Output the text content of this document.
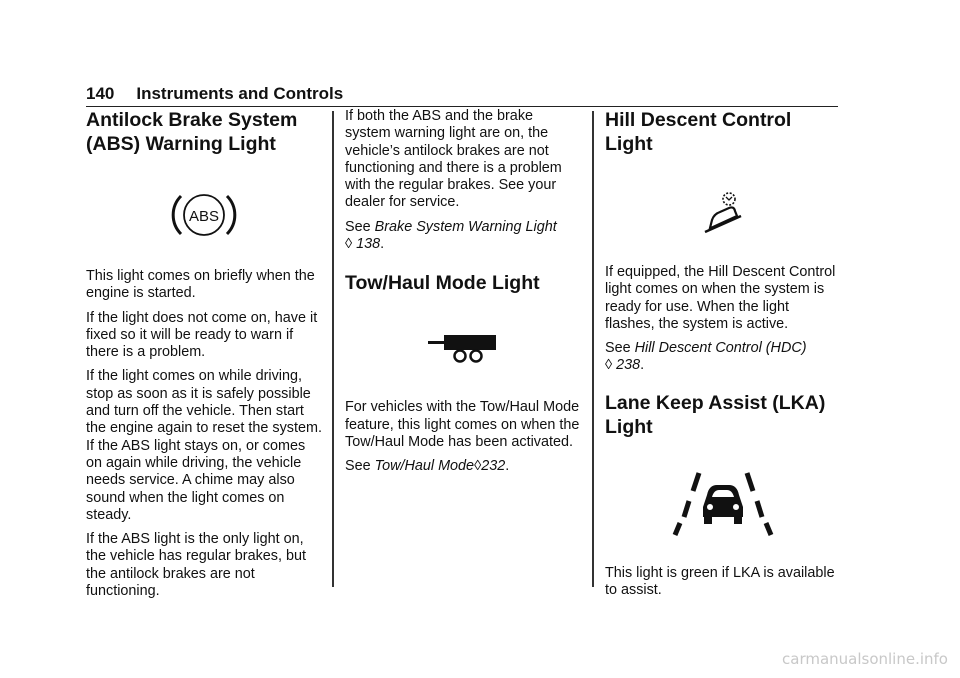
140 Instruments and Controls
Antilock Brake System (ABS) Warning Light
ABS

This light comes on briefly when the engine is started.

If the light does not come on, have it fixed so it will be ready to warn if there is a problem.

If the light comes on while driving, stop as soon as it is safely possible and turn off the vehicle. Then start the engine again to reset the system. If the ABS light stays on, or comes on again while driving, the vehicle needs service. A chime may also sound when the light comes on steady.

If the ABS light is the only light on, the vehicle has regular brakes, but the antilock brakes are not functioning.

If both the ABS and the brake system warning light are on, the vehicle’s antilock brakes are not functioning and there is a problem with the regular brakes. See your dealer for service.

See Brake System Warning Light
◊ 138.

Tow/Haul Mode Light

For vehicles with the Tow/Haul Mode feature, this light comes on when the Tow/Haul Mode has been activated.

See Tow/Haul Mode◊232.

Hill Descent Control Light

If equipped, the Hill Descent Control light comes on when the system is ready for use. When the light flashes, the system is active.

See Hill Descent Control (HDC)
◊ 238.

Lane Keep Assist (LKA) Light

This light is green if LKA is available to assist.

carmanualsonline.info
